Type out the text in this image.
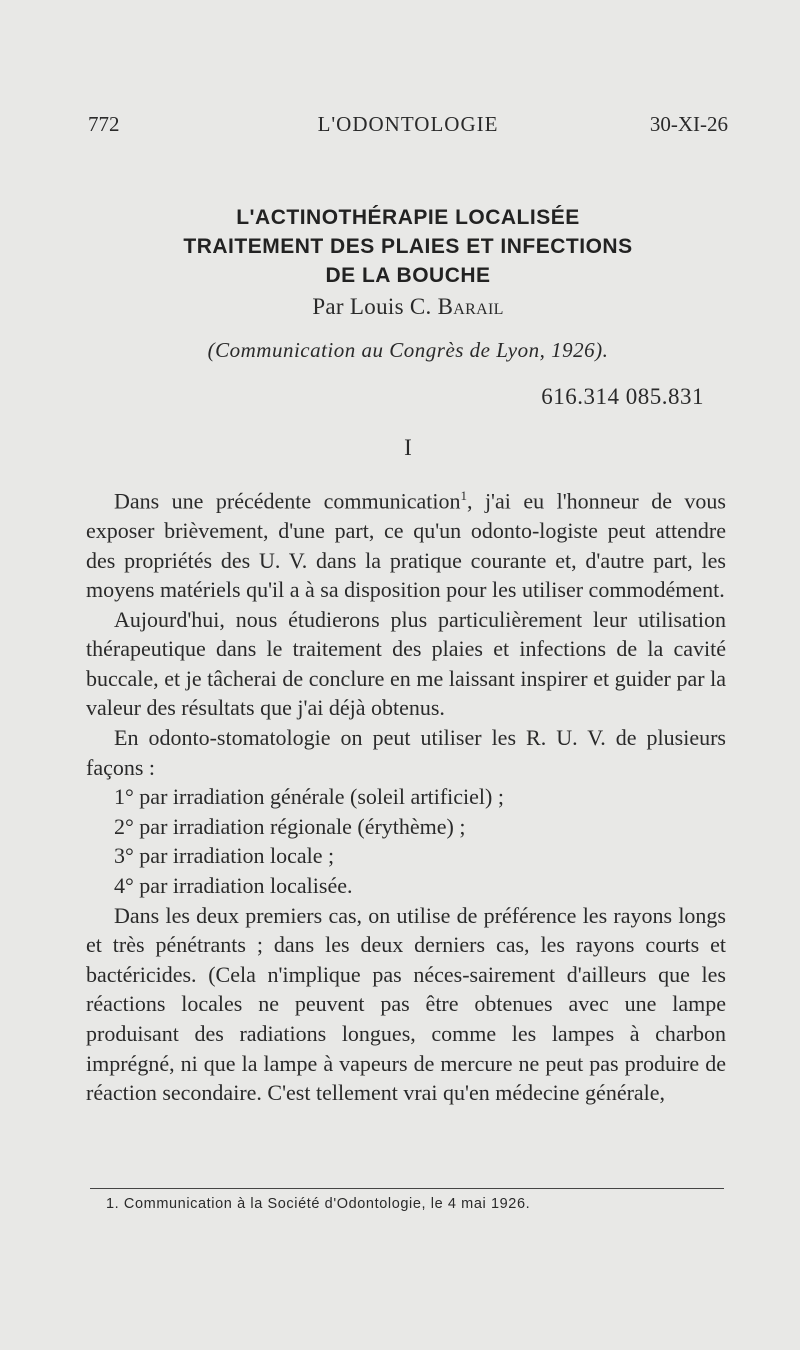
772	L'ODONTOLOGIE	30-XI-26
L'ACTINOTHÉRAPIE LOCALISÉE
TRAITEMENT DES PLAIES ET INFECTIONS
DE LA BOUCHE
Par Louis C. Barail
(Communication au Congrès de Lyon, 1926).
616.314 085.831
I

Dans une précédente communication$^1$, j'ai eu l'honneur de vous exposer brièvement, d'une part, ce qu'un odonto-logiste peut attendre des propriétés des U. V. dans la pratique courante et, d'autre part, les moyens matériels qu'il a à sa disposition pour les utiliser commodément.

Aujourd'hui, nous étudierons plus particulièrement leur utilisation thérapeutique dans le traitement des plaies et infections de la cavité buccale, et je tâcherai de conclure en me laissant inspirer et guider par la valeur des résultats que j'ai déjà obtenus.

En odonto-stomatologie on peut utiliser les R. U. V. de plusieurs façons :

1° par irradiation générale (soleil artificiel) ;

2° par irradiation régionale (érythème) ;

3° par irradiation locale ;

4° par irradiation localisée.

Dans les deux premiers cas, on utilise de préférence les rayons longs et très pénétrants ; dans les deux derniers cas, les rayons courts et bactéricides. (Cela n'implique pas néces-sairement d'ailleurs que les réactions locales ne peuvent pas être obtenues avec une lampe produisant des radiations longues, comme les lampes à charbon imprégné, ni que la lampe à vapeurs de mercure ne peut pas produire de réaction secondaire. C'est tellement vrai qu'en médecine générale,

1. Communication à la Société d'Odontologie, le 4 mai 1926.
